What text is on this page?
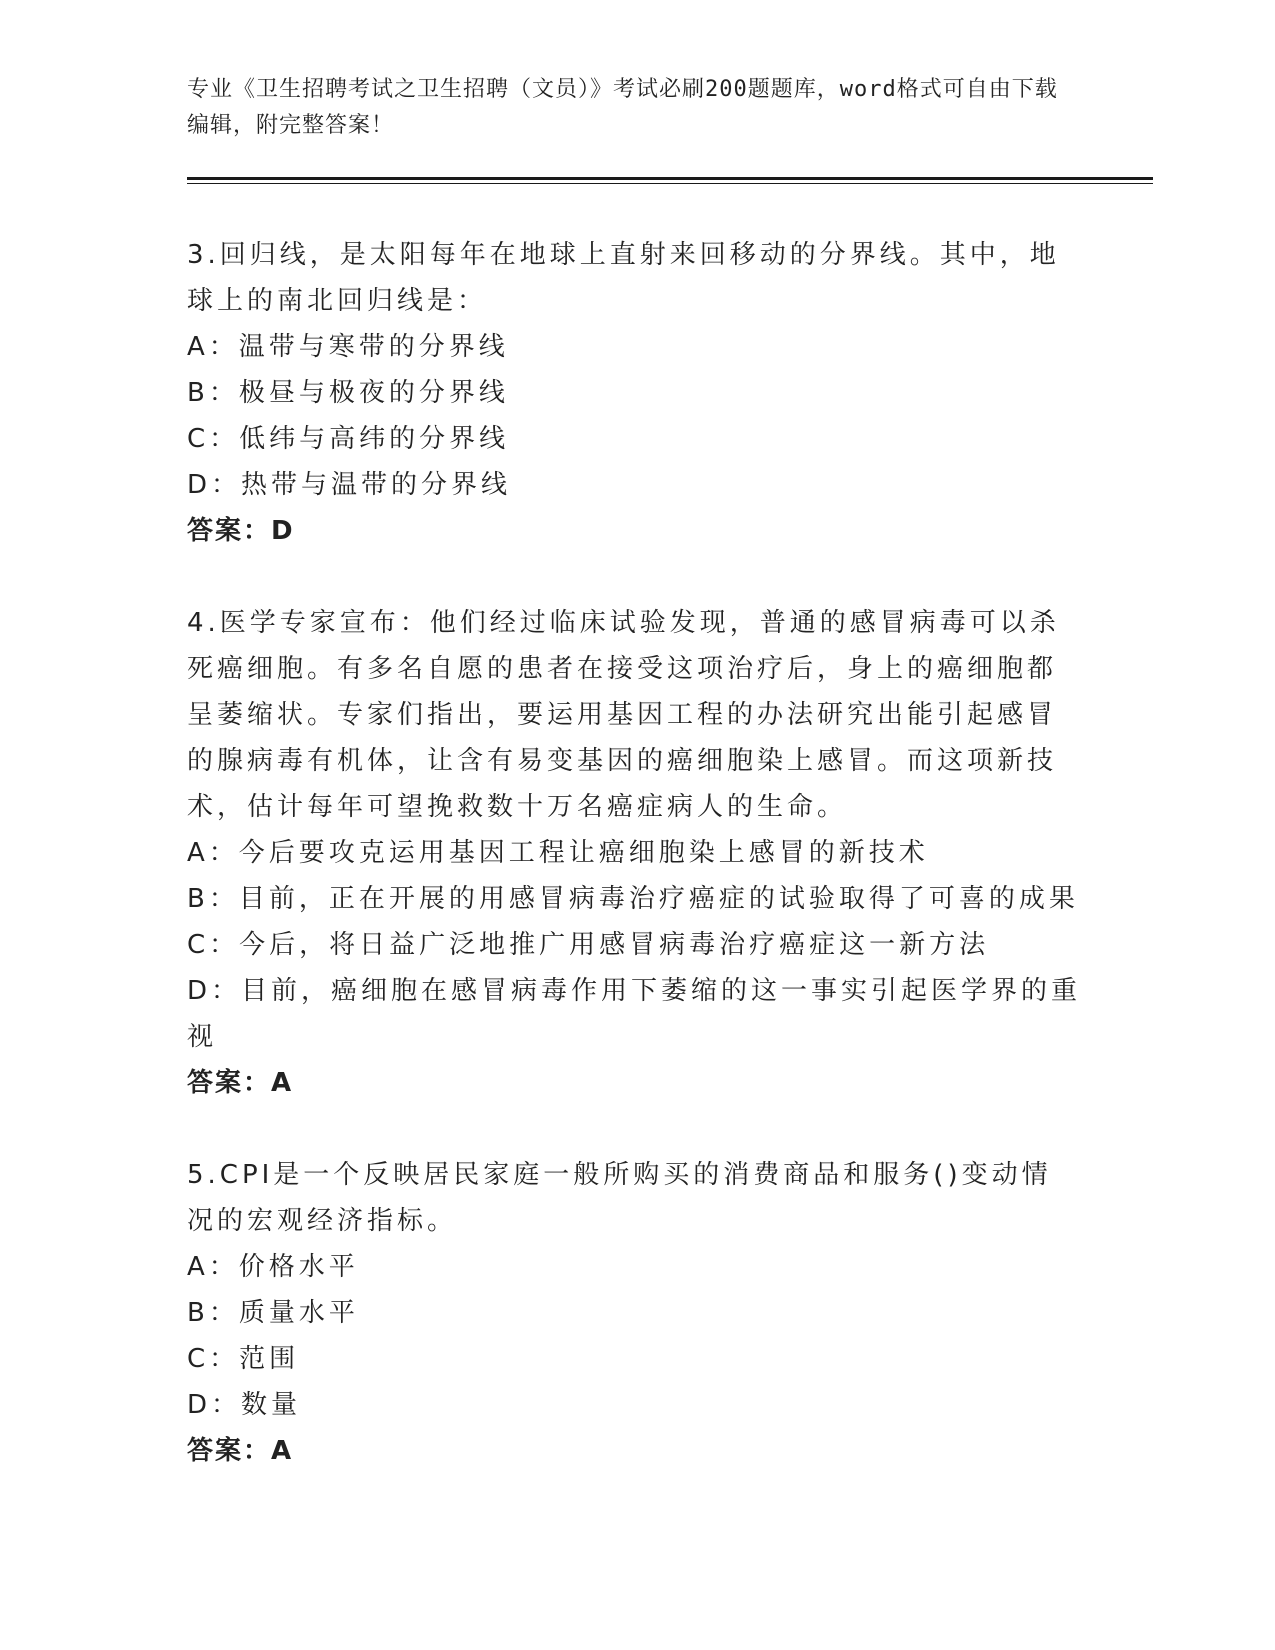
专业《卫生招聘考试之卫生招聘（文员）》考试必刷200题题库，word格式可自由下载编辑，附完整答案！

3.回归线，是太阳每年在地球上直射来回移动的分界线。其中，地球上的南北回归线是：

A：温带与寒带的分界线

B：极昼与极夜的分界线

C：低纬与高纬的分界线

D：热带与温带的分界线

答案：D

4.医学专家宣布：他们经过临床试验发现，普通的感冒病毒可以杀死癌细胞。有多名自愿的患者在接受这项治疗后，身上的癌细胞都呈萎缩状。专家们指出，要运用基因工程的办法研究出能引起感冒的腺病毒有机体，让含有易变基因的癌细胞染上感冒。而这项新技术，估计每年可望挽救数十万名癌症病人的生命。

A：今后要攻克运用基因工程让癌细胞染上感冒的新技术

B：目前，正在开展的用感冒病毒治疗癌症的试验取得了可喜的成果

C：今后，将日益广泛地推广用感冒病毒治疗癌症这一新方法

D：目前，癌细胞在感冒病毒作用下萎缩的这一事实引起医学界的重视

答案：A

5.CPI是一个反映居民家庭一般所购买的消费商品和服务()变动情况的宏观经济指标。

A：价格水平

B：质量水平

C：范围

D：数量

答案：A
